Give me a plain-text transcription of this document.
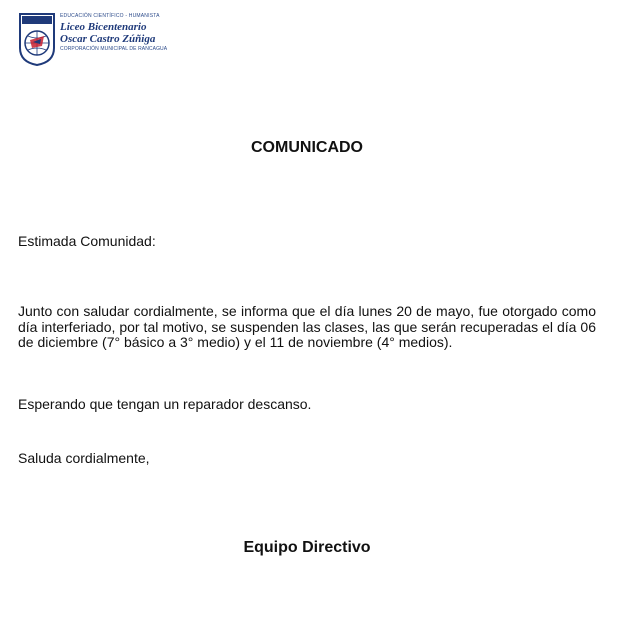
EDUCACIÓN CIENTÍFICO - HUMANISTA
Liceo Bicentenario
Oscar Castro Zúñiga
CORPORACIÓN MUNICIPAL DE RANCAGUA
COMUNICADO
Estimada Comunidad:
Junto con saludar cordialmente, se informa que el día lunes 20 de mayo, fue otorgado como día interferiado, por tal motivo, se suspenden las clases, las que serán recuperadas el día 06 de diciembre (7° básico a 3° medio) y el 11 de noviembre (4° medios).
Esperando que tengan un reparador descanso.
Saluda cordialmente,
Equipo Directivo
